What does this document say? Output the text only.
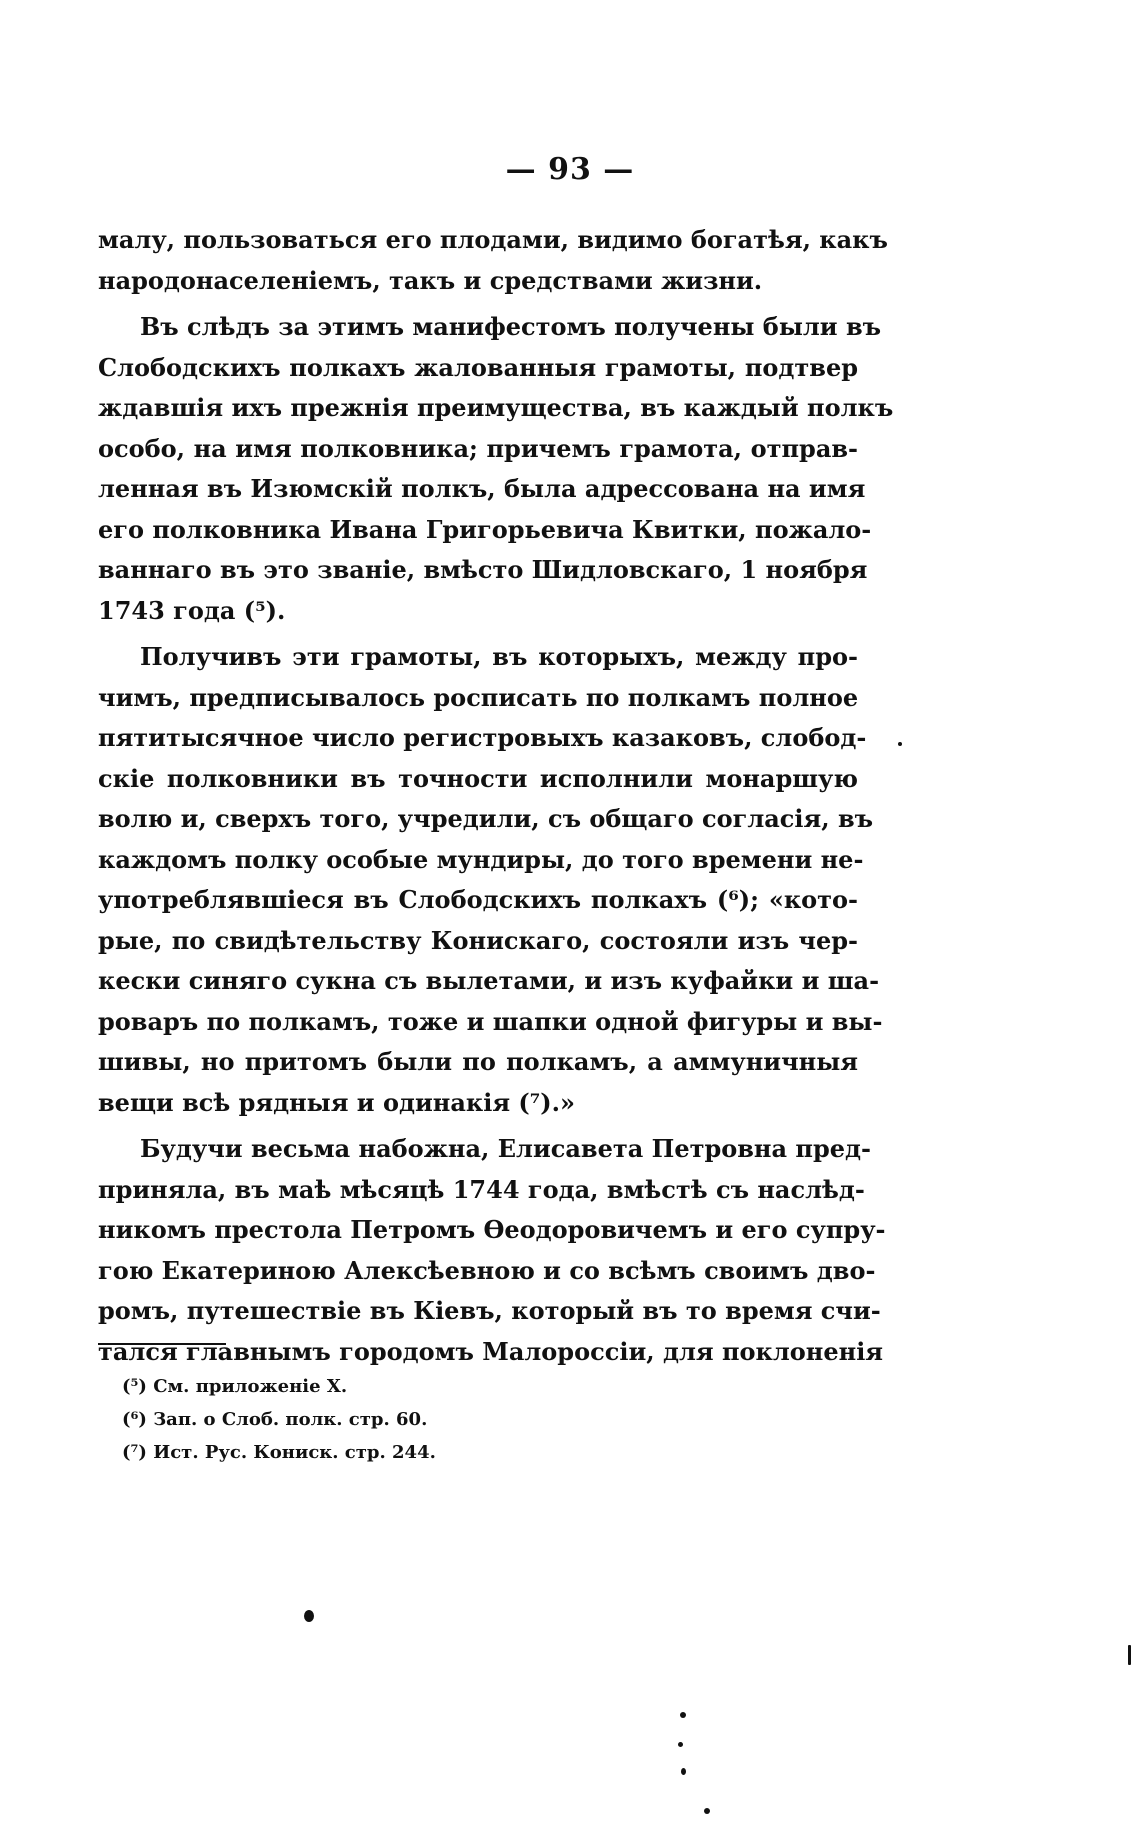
— 93 —
малу, пользоваться его плодами, видимо богатѣя, какъ
народонаселеніемъ, такъ и средствами жизни.
Въ слѣдъ за этимъ манифестомъ получены были въ
Слободскихъ полкахъ жалованныя грамоты, подтвер
ждавшія ихъ прежнія преимущества, въ каждый полкъ
особо, на имя полковника; причемъ грамота, отправ-
ленная въ Изюмскій полкъ, была адрессована на имя
его полковника Ивана Григорьевича Квитки, пожало-
ваннаго въ это званіе, вмѣсто Шидловскаго, 1 ноября
1743 года (⁵).
Получивъ эти грамоты, въ которыхъ, между про-
чимъ, предписывалось росписать по полкамъ полное
пятитысячное число регистровыхъ казаковъ, слобод-
скіе полковники въ точности исполнили монаршую
волю и, сверхъ того, учредили, съ общаго согласія, въ
каждомъ полку особые мундиры, до того времени не-
употреблявшіеся въ Слободскихъ полкахъ (⁶); «кото-
рые, по свидѣтельству Конискаго, состояли изъ чер-
кески синяго сукна съ вылетами, и изъ куфайки и ша-
роваръ по полкамъ, тоже и шапки одной фигуры и вы-
шивы, но притомъ были по полкамъ, а аммуничныя
вещи всѣ рядныя и одинакія (⁷).»
Будучи весьма набожна, Елисавета Петровна пред-
приняла, въ маѣ мѣсяцѣ 1744 года, вмѣстѣ съ наслѣд-
никомъ престола Петромъ Ѳеодоровичемъ и его супру-
гою Екатериною Алексѣевною и со всѣмъ своимъ дво-
ромъ, путешествіе въ Кіевъ, который въ то время счи-
тался главнымъ городомъ Малороссіи, для поклоненія
(⁵) См. приложеніе X.
(⁶) Зап. о Слоб. полк. стр. 60.
(⁷) Ист. Рус. Кониск. стр. 244.
